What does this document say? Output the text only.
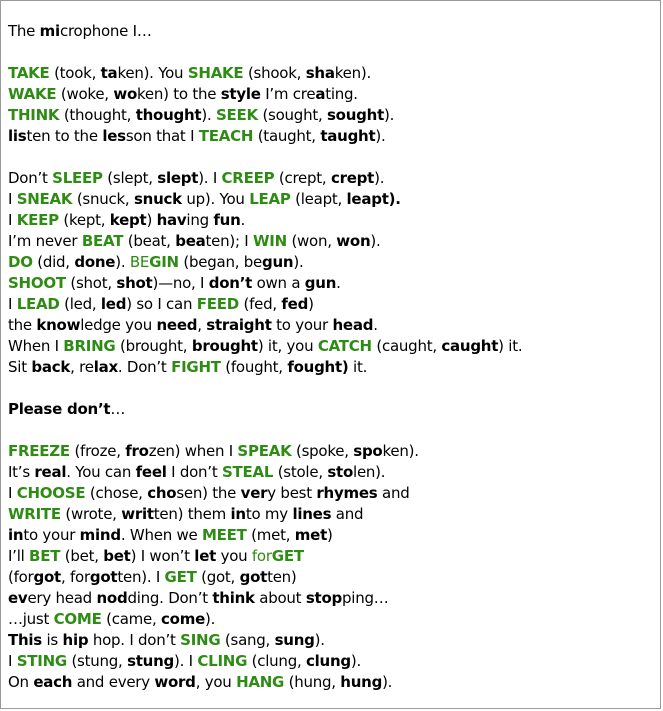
The microphone I…
TAKE (took, taken). You SHAKE (shook, shaken).
WAKE (woke, woken) to the style I’m creating.
THINK (thought, thought). SEEK (sought, sought).
listen to the lesson that I TEACH (taught, taught).
Don’t SLEEP (slept, slept). I CREEP (crept, crept).
I SNEAK (snuck, snuck up). You LEAP (leapt, leapt).
I KEEP (kept, kept) having fun.
I’m never BEAT (beat, beaten); I WIN (won, won).
DO (did, done). BEGIN (began, begun).
SHOOT (shot, shot)—no, I don’t own a gun.
I LEAD (led, led) so I can FEED (fed, fed)
the knowledge you need, straight to your head.
When I BRING (brought, brought) it, you CATCH (caught, caught) it.
Sit back, relax. Don’t FIGHT (fought, fought) it.
Please don’t…
FREEZE (froze, frozen) when I SPEAK (spoke, spoken).
It’s real. You can feel I don’t STEAL (stole, stolen).
I CHOOSE (chose, chosen) the very best rhymes and
WRITE (wrote, written) them into my lines and
into your mind. When we MEET (met, met)
I’ll BET (bet, bet) I won’t let you forGET
(forgot, forgotten). I GET (got, gotten)
every head nodding. Don’t think about stopping…
…just COME (came, come).
This is hip hop. I don’t SING (sang, sung).
I STING (stung, stung). I CLING (clung, clung).
On each and every word, you HANG (hung, hung).
